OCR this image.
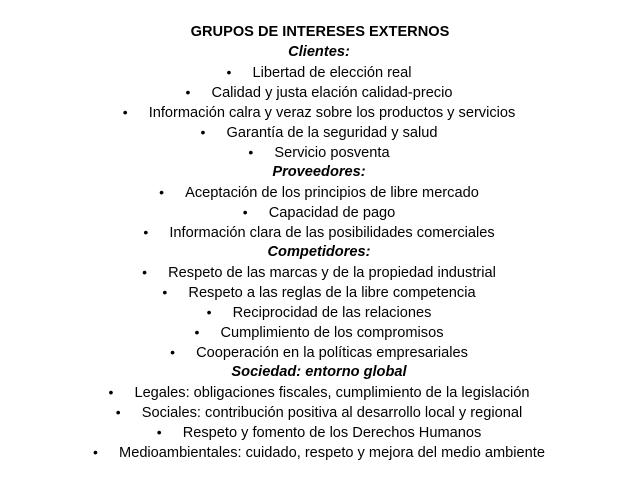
GRUPOS DE INTERESES EXTERNOS
Clientes:
• Libertad de elección real
• Calidad y justa elación calidad-precio
• Información calra y veraz sobre los productos y servicios
• Garantía de la seguridad y salud
• Servicio posventa
Proveedores:
• Aceptación de los principios de libre mercado
• Capacidad de pago
• Información clara de las posibilidades comerciales
Competidores:
• Respeto de las marcas y de la propiedad industrial
• Respeto a las reglas de la libre competencia
• Reciprocidad de las relaciones
• Cumplimiento de los compromisos
• Cooperación en la políticas empresariales
Sociedad: entorno global
• Legales: obligaciones fiscales, cumplimiento de la legislación
• Sociales: contribución positiva al desarrollo local y regional
• Respeto y fomento de los Derechos Humanos
• Medioambientales: cuidado, respeto y mejora del medio ambiente
